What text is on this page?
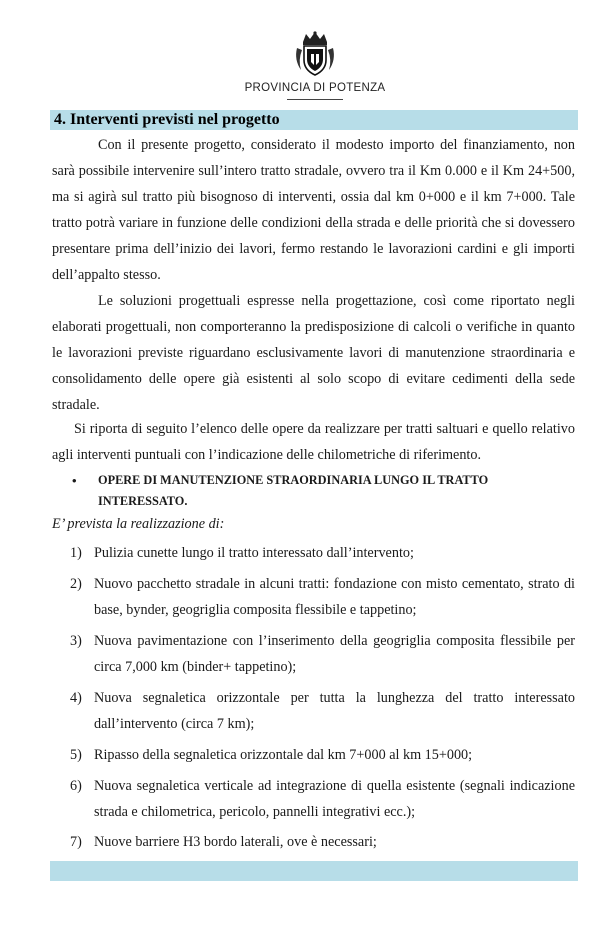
PROVINCIA DI POTENZA
4. Interventi previsti nel progetto

Con il presente progetto, considerato il modesto importo del finanziamento, non sarà possibile intervenire sull’intero tratto stradale, ovvero tra il Km 0.000 e il Km 24+500, ma si agirà sul tratto più bisognoso di interventi, ossia dal km 0+000 e il km 7+000. Tale tratto potrà variare in funzione delle condizioni della strada e delle priorità che si dovessero presentare prima dell’inizio dei lavori, fermo restando le lavorazioni cardini e gli importi dell’appalto stesso.

Le soluzioni progettuali espresse nella progettazione, così come riportato negli elaborati progettuali, non comporteranno la predisposizione di calcoli o verifiche in quanto le lavorazioni previste riguardano esclusivamente lavori di manutenzione straordinaria e consolidamento delle opere già esistenti al solo scopo di evitare cedimenti della sede stradale.

Si riporta di seguito l’elenco delle opere da realizzare per tratti saltuari e quello relativo agli interventi puntuali con l’indicazione delle chilometriche di riferimento.

• OPERE DI MANUTENZIONE STRAORDINARIA LUNGO IL TRATTO INTERESSATO.
E’ prevista la realizzazione di:
1) Pulizia cunette lungo il tratto interessato dall’intervento;
2) Nuovo pacchetto stradale in alcuni tratti: fondazione con misto cementato, strato di base, bynder, geogriglia composita flessibile e tappetino;
3) Nuova pavimentazione con l’inserimento della geogriglia composita flessibile per circa 7,000 km (binder+ tappetino);
4) Nuova segnaletica orizzontale per tutta la lunghezza del tratto interessato dall’intervento (circa 7 km);
5) Ripasso della segnaletica orizzontale dal km 7+000 al km 15+000;
6) Nuova segnaletica verticale ad integrazione di quella esistente (segnali indicazione strada e chilometrica, pericolo, pannelli integrativi ecc.);
7) Nuove barriere H3 bordo laterali, ove è necessari;
